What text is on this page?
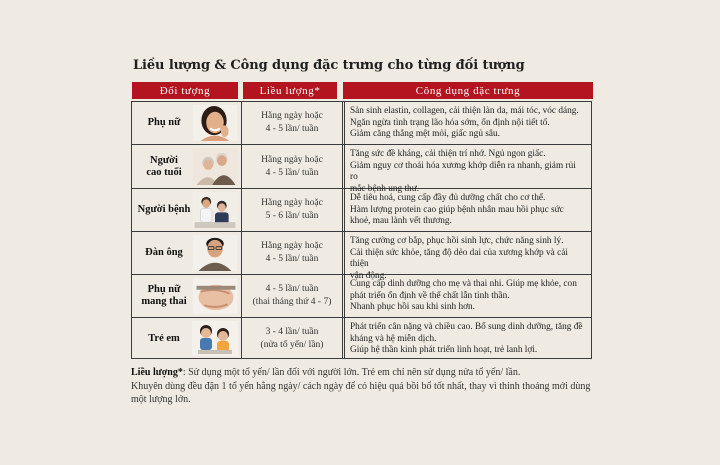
Liều lượng & Công dụng đặc trưng cho từng đối tượng
Đối tượng	Liều lượng*	Công dụng đặc trưng
Phụ nữ
Hằng ngày hoặc
4 - 5 lần/ tuần
Sản sinh elastin, collagen, cải thiện làn da, mái tóc, vóc dáng.
Ngăn ngừa tình trạng lão hóa sớm, ổn định nội tiết tố.
Giảm căng thẳng mệt mỏi, giấc ngủ sâu.
Người
cao tuổi
Hằng ngày hoặc
4 - 5 lần/ tuần
Tăng sức đề kháng, cải thiện trí nhớ. Ngủ ngon giấc.
Giảm nguy cơ thoái hóa xương khớp diễn ra nhanh, giảm rủi ro
mắc bệnh ung thư.
Người bệnh
Hằng ngày hoặc
5 - 6 lần/ tuần
Dễ tiêu hoá, cung cấp đầy đủ dưỡng chất cho cơ thể.
Hàm lượng protein cao giúp bệnh nhân mau hồi phục sức
khoẻ, mau lành vết thương.
Đàn ông
Hằng ngày hoặc
4 - 5 lần/ tuần
Tăng cường cơ bắp, phục hồi sinh lực, chức năng sinh lý.
Cải thiện sức khỏe, tăng độ dẻo dai của xương khớp và cải thiện
vận động.
Phụ nữ
mang thai
4 - 5 lần/ tuần
(thai tháng thứ 4 - 7)
Cung cấp dinh dưỡng cho mẹ và thai nhi. Giúp mẹ khỏe, con
phát triển ổn định về thể chất lẫn tinh thần.
Nhanh phục hồi sau khi sinh hơn.
Trẻ em
3 - 4 lần/ tuần
(nửa tổ yến/ lần)
Phát triển cân nặng và chiều cao. Bổ sung dinh dưỡng, tăng đề
kháng và hệ miễn dịch.
Giúp hệ thần kinh phát triển linh hoạt, trẻ lanh lợi.
Liều lượng*: Sử dụng một tổ yến/ lần đối với người lớn. Trẻ em chỉ nên sử dụng nửa tổ yến/ lần.
Khuyên dùng đều đặn 1 tổ yến hằng ngày/ cách ngày để có hiệu quả bồi bổ tốt nhất, thay vì thỉnh thoảng mới dùng một lượng lớn.
